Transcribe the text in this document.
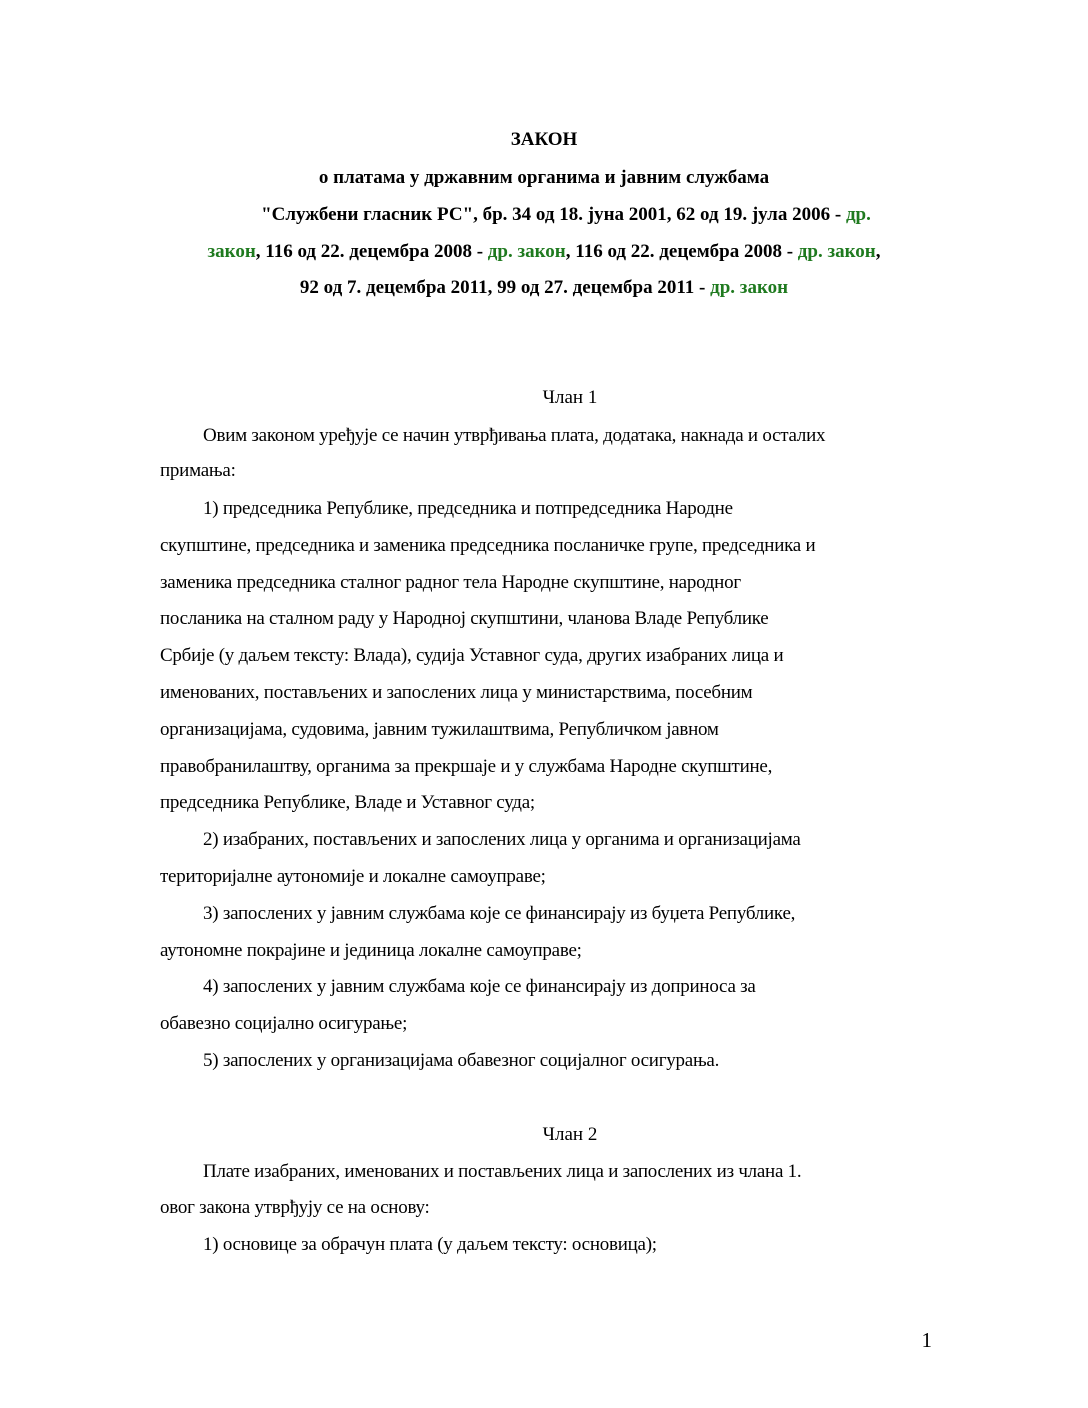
ЗАКОН
о платама у државним органима и јавним службама
"Службени гласник РС", бр. 34 од 18. јуна 2001, 62 од 19. јула 2006 - др.
закон, 116 од 22. децембра 2008 - др. закон, 116 од 22. децембра 2008 - др. закон,
92 од 7. децембра 2011, 99 од 27. децембра 2011 - др. закон
Члан 1
Овим законом уређује се начин утврђивања плата, додатака, накнада и осталих
примања:
1) председника Републике, председника и потпредседника Народне
скупштине, председника и заменика председника посланичке групе, председника и
заменика председника сталног радног тела Народне скупштине, народног
посланика на сталном раду у Народној скупштини, чланова Владе Републике
Србије (у даљем тексту: Влада), судија Уставног суда, других изабраних лица и
именованих, постављених и запослених лица у министарствима, посебним
организацијама, судовима, јавним тужилаштвима, Републичком јавном
правобранилаштву, органима за прекршаје и у службама Народне скупштине,
председника Републике, Владе и Уставног суда;
2) изабраних, постављених и запослених лица у органима и организацијама
територијалне аутономије и локалне самоуправе;
3) запослених у јавним службама које се финансирају из буџета Републике,
аутономне покрајине и јединица локалне самоуправе;
4) запослених у јавним службама које се финансирају из доприноса за
обавезно социјално осигурање;
5) запослених у организацијама обавезног социјалног осигурања.
Члан 2
Плате изабраних, именованих и постављених лица и запослених из члана 1.
овог закона утврђују се на основу:
1) основице за обрачун плата (у даљем тексту: основица);
1
